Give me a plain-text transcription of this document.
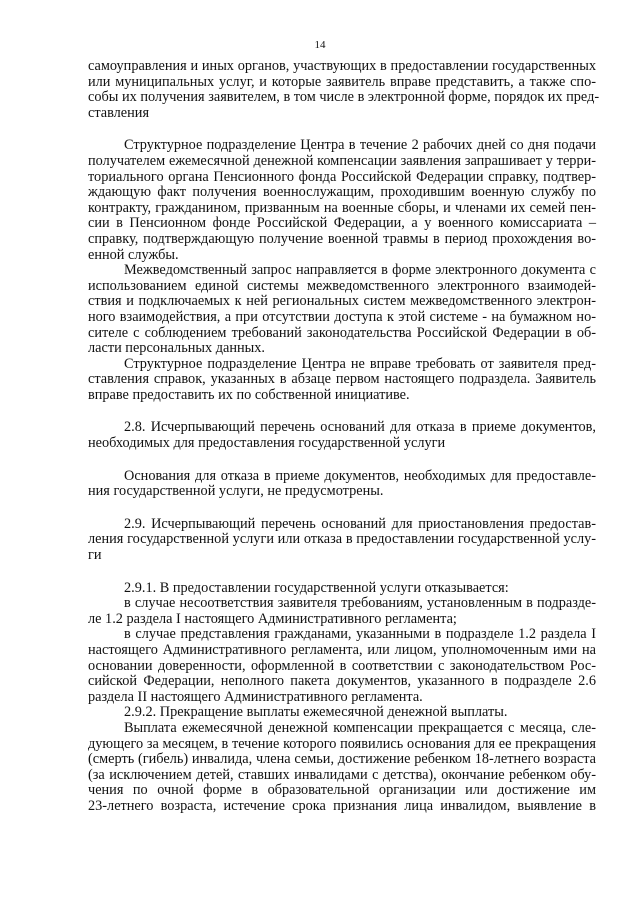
14
самоуправления и иных органов, участвующих в предоставлении государственных
или муниципальных услуг, и которые заявитель вправе представить, а также спо-
собы их получения заявителем, в том числе в электронной форме, порядок их пред-
ставления
Структурное подразделение Центра в течение 2 рабочих дней со дня подачи
получателем ежемесячной денежной компенсации заявления запрашивает у терри-
ториального органа Пенсионного фонда Российской Федерации справку, подтвер-
ждающую факт получения военнослужащим, проходившим военную службу по
контракту, гражданином, призванным на военные сборы, и членами их семей пен-
сии в Пенсионном фонде Российской Федерации, а у военного комиссариата –
справку, подтверждающую получение военной травмы в период прохождения во-
енной службы.
Межведомственный запрос направляется в форме электронного документа с
использованием единой системы межведомственного электронного взаимодей-
ствия и подключаемых к ней региональных систем межведомственного электрон-
ного взаимодействия, а при отсутствии доступа к этой системе - на бумажном но-
сителе с соблюдением требований законодательства Российской Федерации в об-
ласти персональных данных.
Структурное подразделение Центра не вправе требовать от заявителя пред-
ставления справок, указанных в абзаце первом настоящего подраздела. Заявитель
вправе предоставить их по собственной инициативе.
2.8. Исчерпывающий перечень оснований для отказа в приеме документов,
необходимых для предоставления государственной услуги
Основания для отказа в приеме документов, необходимых для предоставле-
ния государственной услуги, не предусмотрены.
2.9. Исчерпывающий перечень оснований для приостановления предостав-
ления государственной услуги или отказа в предоставлении государственной услу-
ги
2.9.1. В предоставлении государственной услуги отказывается:
в случае несоответствия заявителя требованиям, установленным в подразде-
ле 1.2 раздела I настоящего Административного регламента;
в случае представления гражданами, указанными в подразделе 1.2 раздела I
настоящего Административного регламента, или лицом, уполномоченным ими на
основании доверенности, оформленной в соответствии с законодательством Рос-
сийской Федерации, неполного пакета документов, указанного в подразделе 2.6
раздела II настоящего Административного регламента.
2.9.2. Прекращение выплаты ежемесячной денежной выплаты.
Выплата ежемесячной денежной компенсации прекращается с месяца, сле-
дующего за месяцем, в течение которого появились основания для ее прекращения
(смерть (гибель) инвалида, члена семьи, достижение ребенком 18-летнего возраста
(за исключением детей, ставших инвалидами с детства), окончание ребенком обу-
чения по очной форме в образовательной организации или достижение им
23-летнего возраста, истечение срока признания лица инвалидом, выявление в
